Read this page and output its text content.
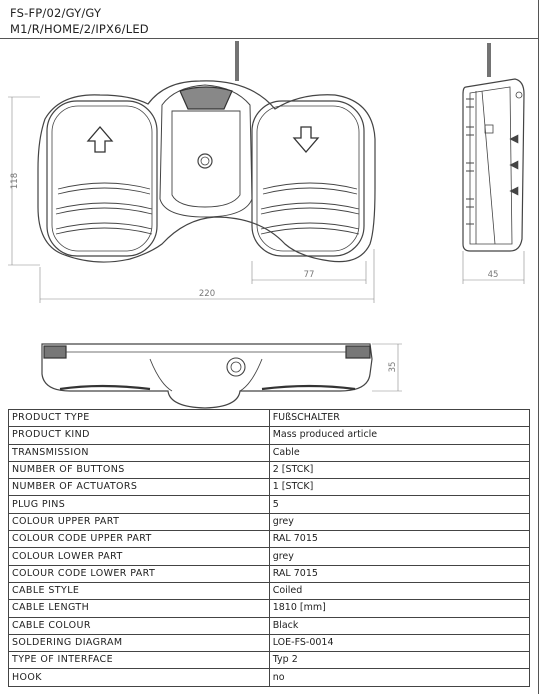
FS-FP/02/GY/GY
M1/R/HOME/2/IPX6/LED
118
77
220
45
35
PRODUCT TYPE	FUßSCHALTER
PRODUCT KIND	Mass produced article
TRANSMISSION	Cable
NUMBER OF BUTTONS	2 [STCK]
NUMBER OF ACTUATORS	1 [STCK]
PLUG PINS	5
COLOUR UPPER PART	grey
COLOUR CODE UPPER PART	RAL 7015
COLOUR LOWER PART	grey
COLOUR CODE LOWER PART	RAL 7015
CABLE STYLE	Coiled
CABLE LENGTH	1810 [mm]
CABLE COLOUR	Black
SOLDERING DIAGRAM	LOE-FS-0014
TYPE OF INTERFACE	Typ 2
HOOK	no
